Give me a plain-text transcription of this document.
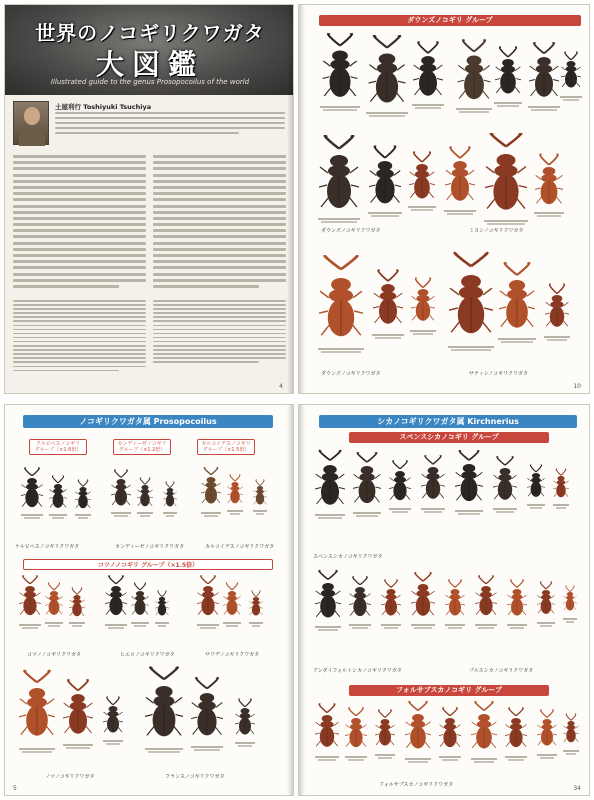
世界のノコギリクワガタ
大図鑑
Illustrated guide to the genus Prosopocoilus of the world
土屋利行 Toshiyuki Tsuchiya
4
ダウンズノコギリ グループ
ダウンズノコギリクワガタ	ミヨシノコギリクワガタ
ダウンズノコギリクワガタ	サティシノコギリクワガタ
10
ノコギリクワガタ属 Prosopocoilus
クルビペスノコギリ
グループ（×1.6倍）
カンディーゼノコギリ
グループ（×1.2倍）
カルコイデスノコギリ
グループ（×1.5倍）
コツノノコギリ グループ（×1.5倍）
ケルビペスノコギリクワガタ	カンディーゼノコギリクワガタ	カルコイデスノコギリクワガタ
コツノノコギリクワガタ	ヒエロノコギリクワガタ	サワデノコギリクワガタ
ノマノコギリクワガタ	フランスノコギリクワガタ
5
シカノコギリクワガタ属 Kirchnerius
スペンスシカノコギリ グループ
フォルサブスカノコギリ グループ
スペンスシカノコギリクワガタ
ブルスシカノコギリクワガタ
アンダイフォルトシカノコギリクワガタ
フォルサブスカノコギリクワガタ	34
